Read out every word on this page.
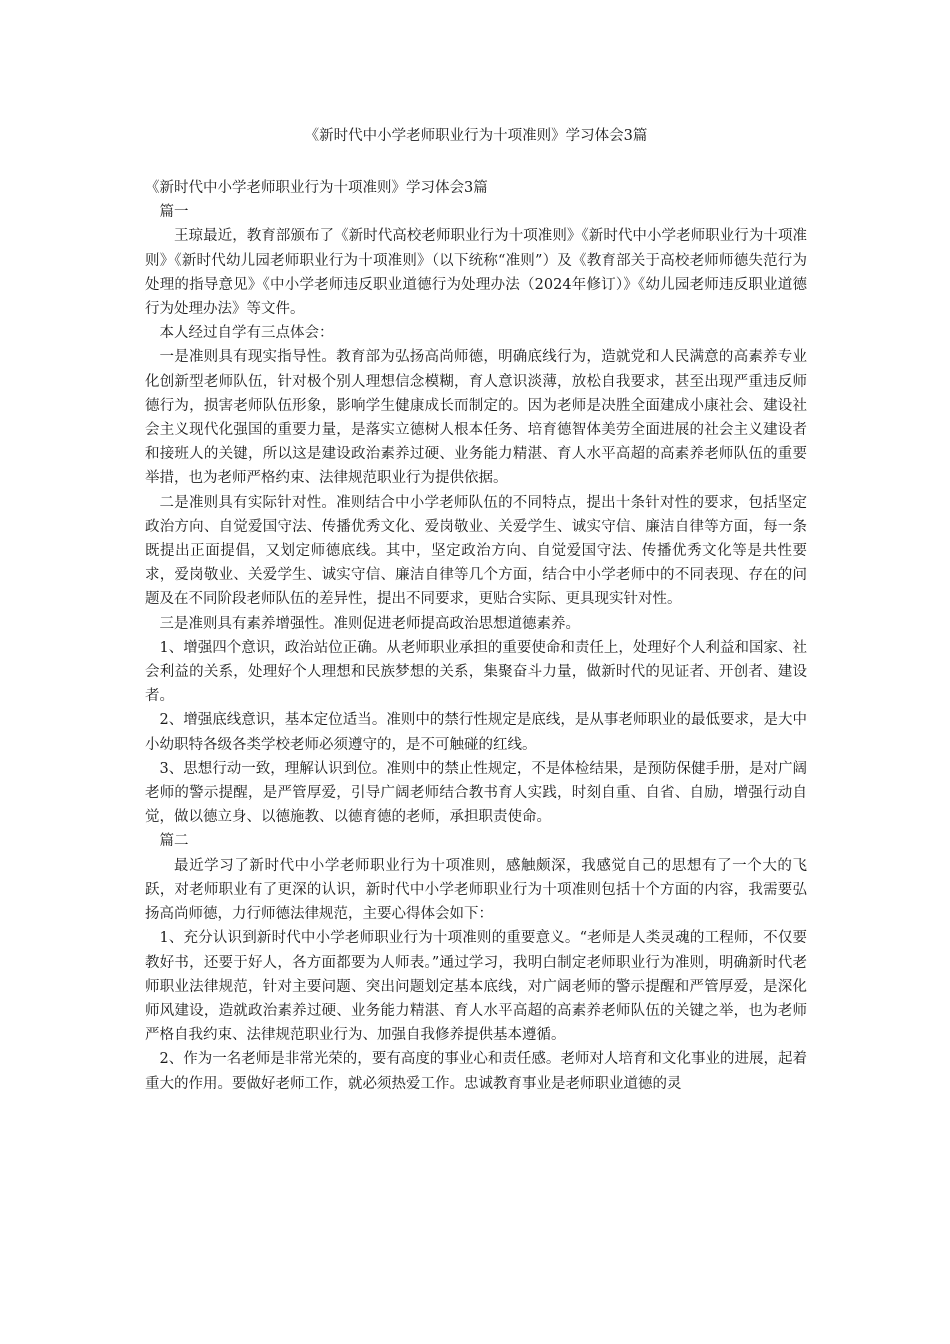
《新时代中小学老师职业行为十项准则》学习体会3篇

《新时代中小学老师职业行为十项准则》学习体会3篇

篇一

王琼最近，教育部颁布了《新时代高校老师职业行为十项准则》《新时代中小学老师职业行为十项准则》《新时代幼儿园老师职业行为十项准则》（以下统称“准则”）及《教育部关于高校老师师德失范行为处理的指导意见》《中小学老师违反职业道德行为处理办法（2024年修订）》《幼儿园老师违反职业道德行为处理办法》等文件。

本人经过自学有三点体会：

一是准则具有现实指导性。教育部为弘扬高尚师德，明确底线行为，造就党和人民满意的高素养专业化创新型老师队伍，针对极个别人理想信念模糊，育人意识淡薄，放松自我要求，甚至出现严重违反师德行为，损害老师队伍形象，影响学生健康成长而制定的。因为老师是决胜全面建成小康社会、建设社会主义现代化强国的重要力量，是落实立德树人根本任务、培育德智体美劳全面进展的社会主义建设者和接班人的关键，所以这是建设政治素养过硬、业务能力精湛、育人水平高超的高素养老师队伍的重要举措，也为老师严格约束、法律规范职业行为提供依据。

二是准则具有实际针对性。准则结合中小学老师队伍的不同特点，提出十条针对性的要求，包括坚定政治方向、自觉爱国守法、传播优秀文化、爱岗敬业、关爱学生、诚实守信、廉洁自律等方面，每一条既提出正面提倡，又划定师德底线。其中，坚定政治方向、自觉爱国守法、传播优秀文化等是共性要求，爱岗敬业、关爱学生、诚实守信、廉洁自律等几个方面，结合中小学老师中的不同表现、存在的问题及在不同阶段老师队伍的差异性，提出不同要求，更贴合实际、更具现实针对性。

三是准则具有素养增强性。准则促进老师提高政治思想道德素养。

1、增强四个意识，政治站位正确。从老师职业承担的重要使命和责任上，处理好个人利益和国家、社会利益的关系，处理好个人理想和民族梦想的关系，集聚奋斗力量，做新时代的见证者、开创者、建设者。

2、增强底线意识，基本定位适当。准则中的禁行性规定是底线，是从事老师职业的最低要求，是大中小幼职特各级各类学校老师必须遵守的，是不可触碰的红线。

3、思想行动一致，理解认识到位。准则中的禁止性规定，不是体检结果，是预防保健手册，是对广阔老师的警示提醒，是严管厚爱，引导广阔老师结合教书育人实践，时刻自重、自省、自励，增强行动自觉，做以德立身、以德施教、以德育德的老师，承担职责使命。

篇二

最近学习了新时代中小学老师职业行为十项准则，感触颇深，我感觉自己的思想有了一个大的飞跃，对老师职业有了更深的认识，新时代中小学老师职业行为十项准则包括十个方面的内容，我需要弘扬高尚师德，力行师德法律规范，主要心得体会如下：

1、充分认识到新时代中小学老师职业行为十项准则的重要意义。“老师是人类灵魂的工程师，不仅要教好书，还要于好人，各方面都要为人师表。”通过学习，我明白制定老师职业行为准则，明确新时代老师职业法律规范，针对主要问题、突出问题划定基本底线，对广阔老师的警示提醒和严管厚爱，是深化师风建设，造就政治素养过硬、业务能力精湛、育人水平高超的高素养老师队伍的关键之举，也为老师严格自我约束、法律规范职业行为、加强自我修养提供基本遵循。

2、作为一名老师是非常光荣的，要有高度的事业心和责任感。老师对人培育和文化事业的进展，起着重大的作用。要做好老师工作，就必须热爱工作。忠诚教育事业是老师职业道德的灵
